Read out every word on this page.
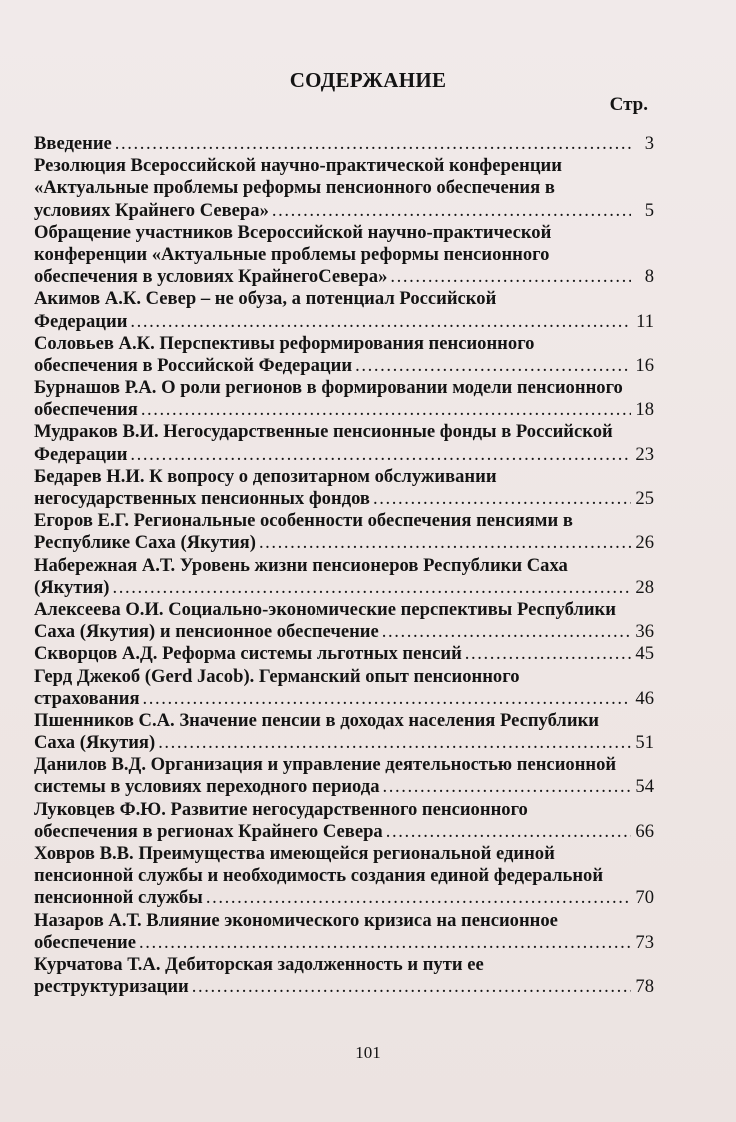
СОДЕРЖАНИЕ
Стр.
Введение .....	3
Резолюция Всероссийской научно-практической конференции
«Актуальные проблемы реформы пенсионного обеспечения в
условиях Крайнего Севера» .....	5
Обращение участников Всероссийской научно-практической
конференции «Актуальные проблемы реформы пенсионного
обеспечения в условиях КрайнегоСевера» .....	8
Акимов А.К. Север – не обуза, а потенциал Российской
Федерации .....	11
Соловьев А.К. Перспективы реформирования пенсионного
обеспечения в Российской Федерации .....	16
Бурнашов Р.А. О роли регионов в формировании модели пенсионного
обеспечения .....	18
Мудраков В.И. Негосударственные пенсионные фонды в Российской
Федерации .....	23
Бедарев Н.И. К вопросу о депозитарном обслуживании
негосударственных пенсионных фондов .....	25
Егоров Е.Г. Региональные особенности обеспечения пенсиями в
Республике Саха (Якутия) .....	26
Набережная А.Т. Уровень жизни пенсионеров Республики Саха
(Якутия) .....	28
Алексеева О.И. Социально-экономические перспективы Республики
Саха (Якутия) и пенсионное обеспечение .....	36
Скворцов А.Д. Реформа системы льготных пенсий .....	45
Герд Джекоб (Gerd Jacob). Германский опыт пенсионного
страхования .....	46
Пшенников С.А. Значение пенсии в доходах населения Республики
Саха (Якутия) .....	51
Данилов В.Д. Организация и управление деятельностью пенсионной
системы в условиях переходного периода .....	54
Луковцев Ф.Ю. Развитие негосударственного пенсионного
обеспечения в регионах Крайнего Севера .....	66
Ховров В.В. Преимущества имеющейся региональной единой
пенсионной службы и необходимость создания единой федеральной
пенсионной службы .....	70
Назаров А.Т. Влияние экономического кризиса на пенсионное
обеспечение .....	73
Курчатова Т.А. Дебиторская задолженность и пути ее
реструктуризации .....	78
101
